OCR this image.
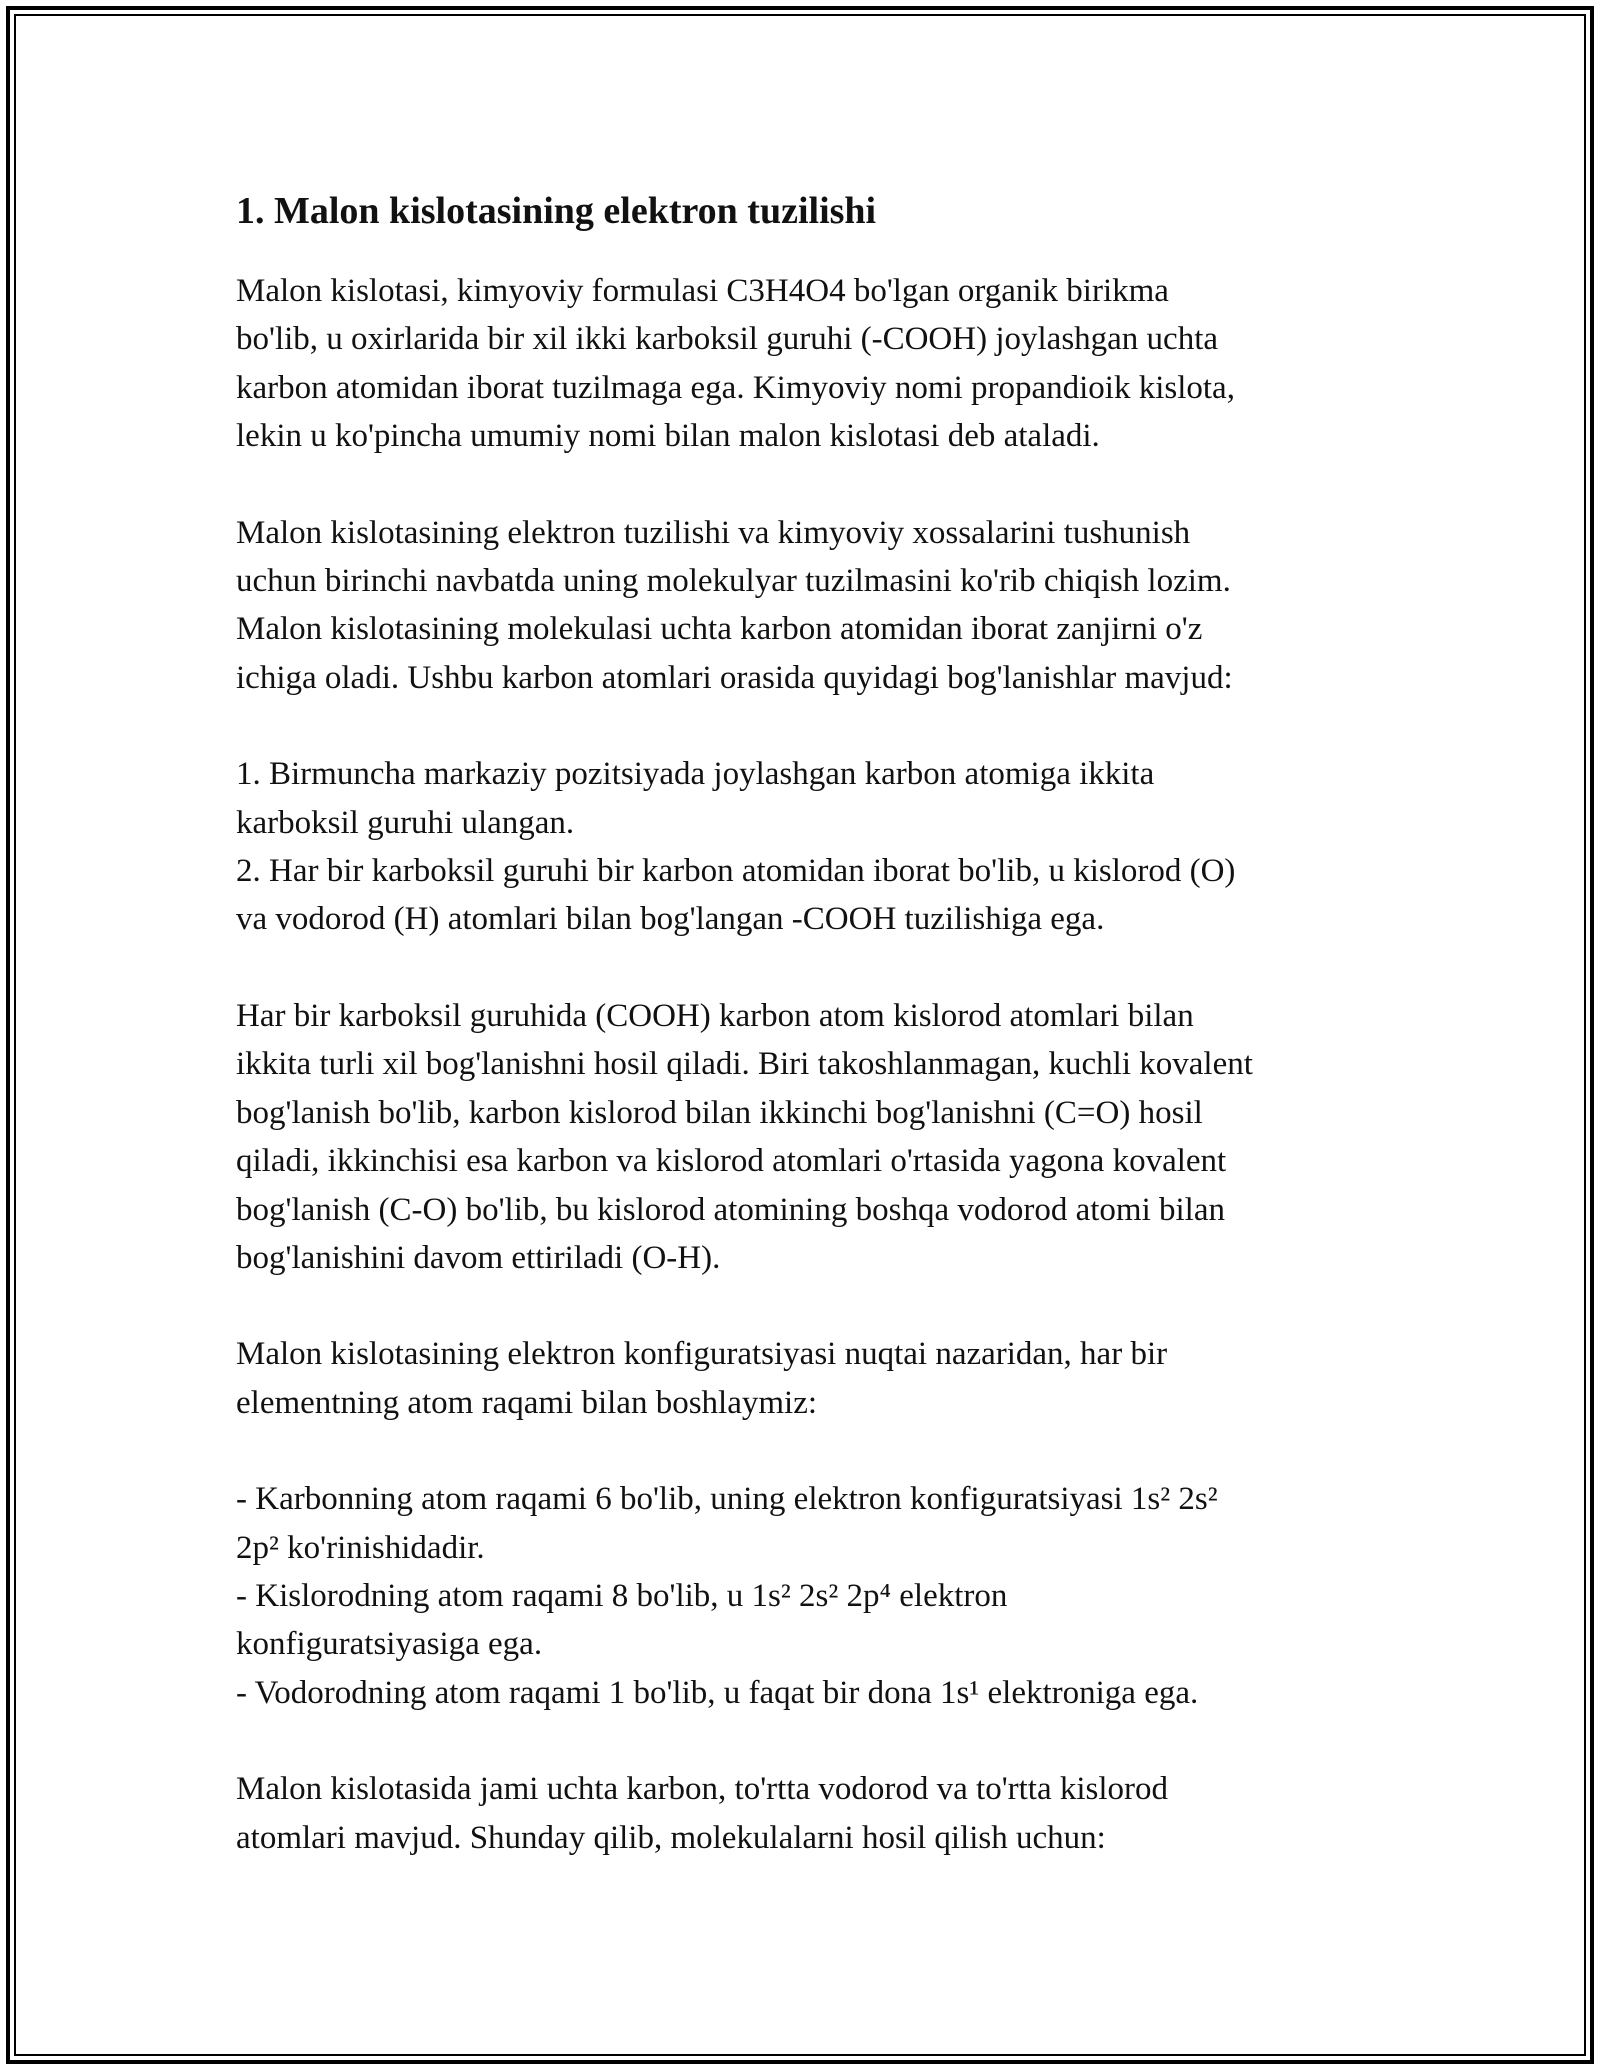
1. Malon kislotasining elektron tuzilishi

Malon kislotasi, kimyoviy formulasi C3H4O4 bo'lgan organik birikma
bo'lib, u oxirlarida bir xil ikki karboksil guruhi (-COOH) joylashgan uchta
karbon atomidan iborat tuzilmaga ega. Kimyoviy nomi propandioik kislota,
lekin u ko'pincha umumiy nomi bilan malon kislotasi deb ataladi.

Malon kislotasining elektron tuzilishi va kimyoviy xossalarini tushunish
uchun birinchi navbatda uning molekulyar tuzilmasini ko'rib chiqish lozim.
Malon kislotasining molekulasi uchta karbon atomidan iborat zanjirni o'z
ichiga oladi. Ushbu karbon atomlari orasida quyidagi bog'lanishlar mavjud:

1. Birmuncha markaziy pozitsiyada joylashgan karbon atomiga ikkita
karboksil guruhi ulangan.
2. Har bir karboksil guruhi bir karbon atomidan iborat bo'lib, u kislorod (O)
va vodorod (H) atomlari bilan bog'langan -COOH tuzilishiga ega.

Har bir karboksil guruhida (COOH) karbon atom kislorod atomlari bilan
ikkita turli xil bog'lanishni hosil qiladi. Biri takoshlanmagan, kuchli kovalent
bog'lanish bo'lib, karbon kislorod bilan ikkinchi bog'lanishni (C=O) hosil
qiladi, ikkinchisi esa karbon va kislorod atomlari o'rtasida yagona kovalent
bog'lanish (C-O) bo'lib, bu kislorod atomining boshqa vodorod atomi bilan
bog'lanishini davom ettiriladi (O-H).

Malon kislotasining elektron konfiguratsiyasi nuqtai nazaridan, har bir
elementning atom raqami bilan boshlaymiz:

- Karbonning atom raqami 6 bo'lib, uning elektron konfiguratsiyasi 1s² 2s²
2p² ko'rinishidadir.
- Kislorodning atom raqami 8 bo'lib, u 1s² 2s² 2p⁴ elektron
konfiguratsiyasiga ega.
- Vodorodning atom raqami 1 bo'lib, u faqat bir dona 1s¹ elektroniga ega.

Malon kislotasida jami uchta karbon, to'rtta vodorod va to'rtta kislorod
atomlari mavjud. Shunday qilib, molekulalarni hosil qilish uchun:
